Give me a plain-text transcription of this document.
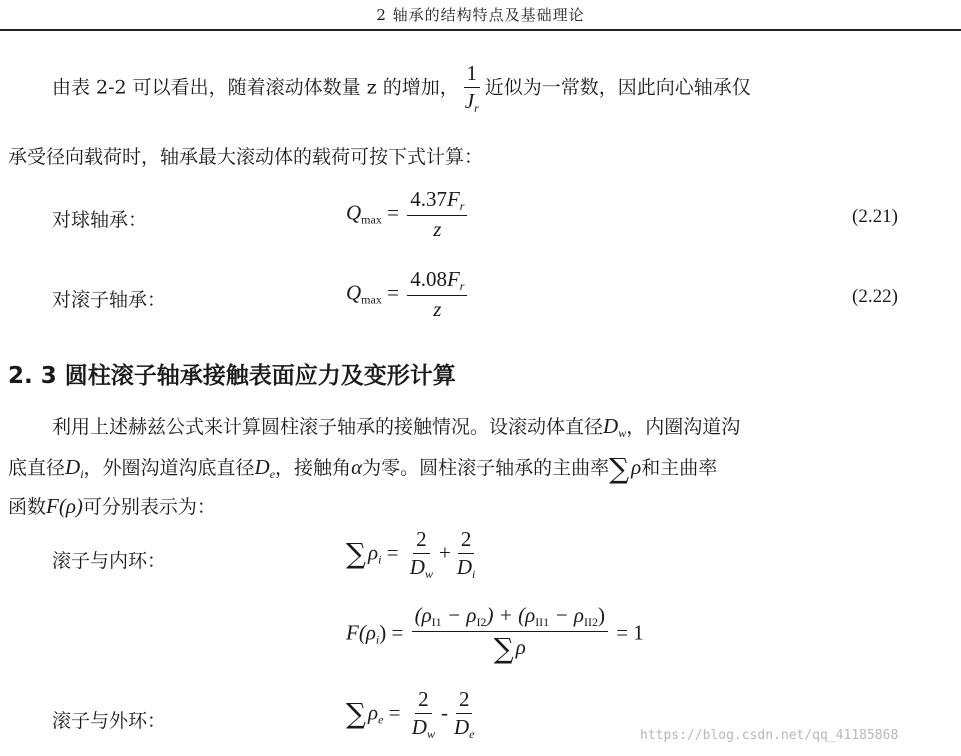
2 轴承的结构特点及基础理论
由表 2-2 可以看出，随着滚动体数量 z 的增加， $\frac{1}{J_r}$ 近似为一常数，因此向心轴承仅
承受径向载荷时，轴承最大滚动体的载荷可按下式计算：
对球轴承：	$Q_{max} = \frac{4.37F_r}{z}$	(2.21)
对滚子轴承：	$Q_{max} = \frac{4.08F_r}{z}$	(2.22)
2. 3 圆柱滚子轴承接触表面应力及变形计算
利用上述赫兹公式来计算圆柱滚子轴承的接触情况。设滚动体直径$D_w$，内圈沟道沟
底直径$D_i$，外圈沟道沟底直径$D_e$，接触角α为零。圆柱滚子轴承的主曲率∑ρ和主曲率
函数F(ρ)可分别表示为：
滚子与内环：	$\sum\rho_i = \frac{2}{D_w} + \frac{2}{D_i}$
$F(\rho_i) = \frac{(\rho_{I1} - \rho_{I2}) + (\rho_{II1} - \rho_{II2})}{\sum\rho} = 1$
滚子与外环：	$\sum\rho_e = \frac{2}{D_w} - \frac{2}{D_e}$	https://blog.csdn.net/qq_41185868
